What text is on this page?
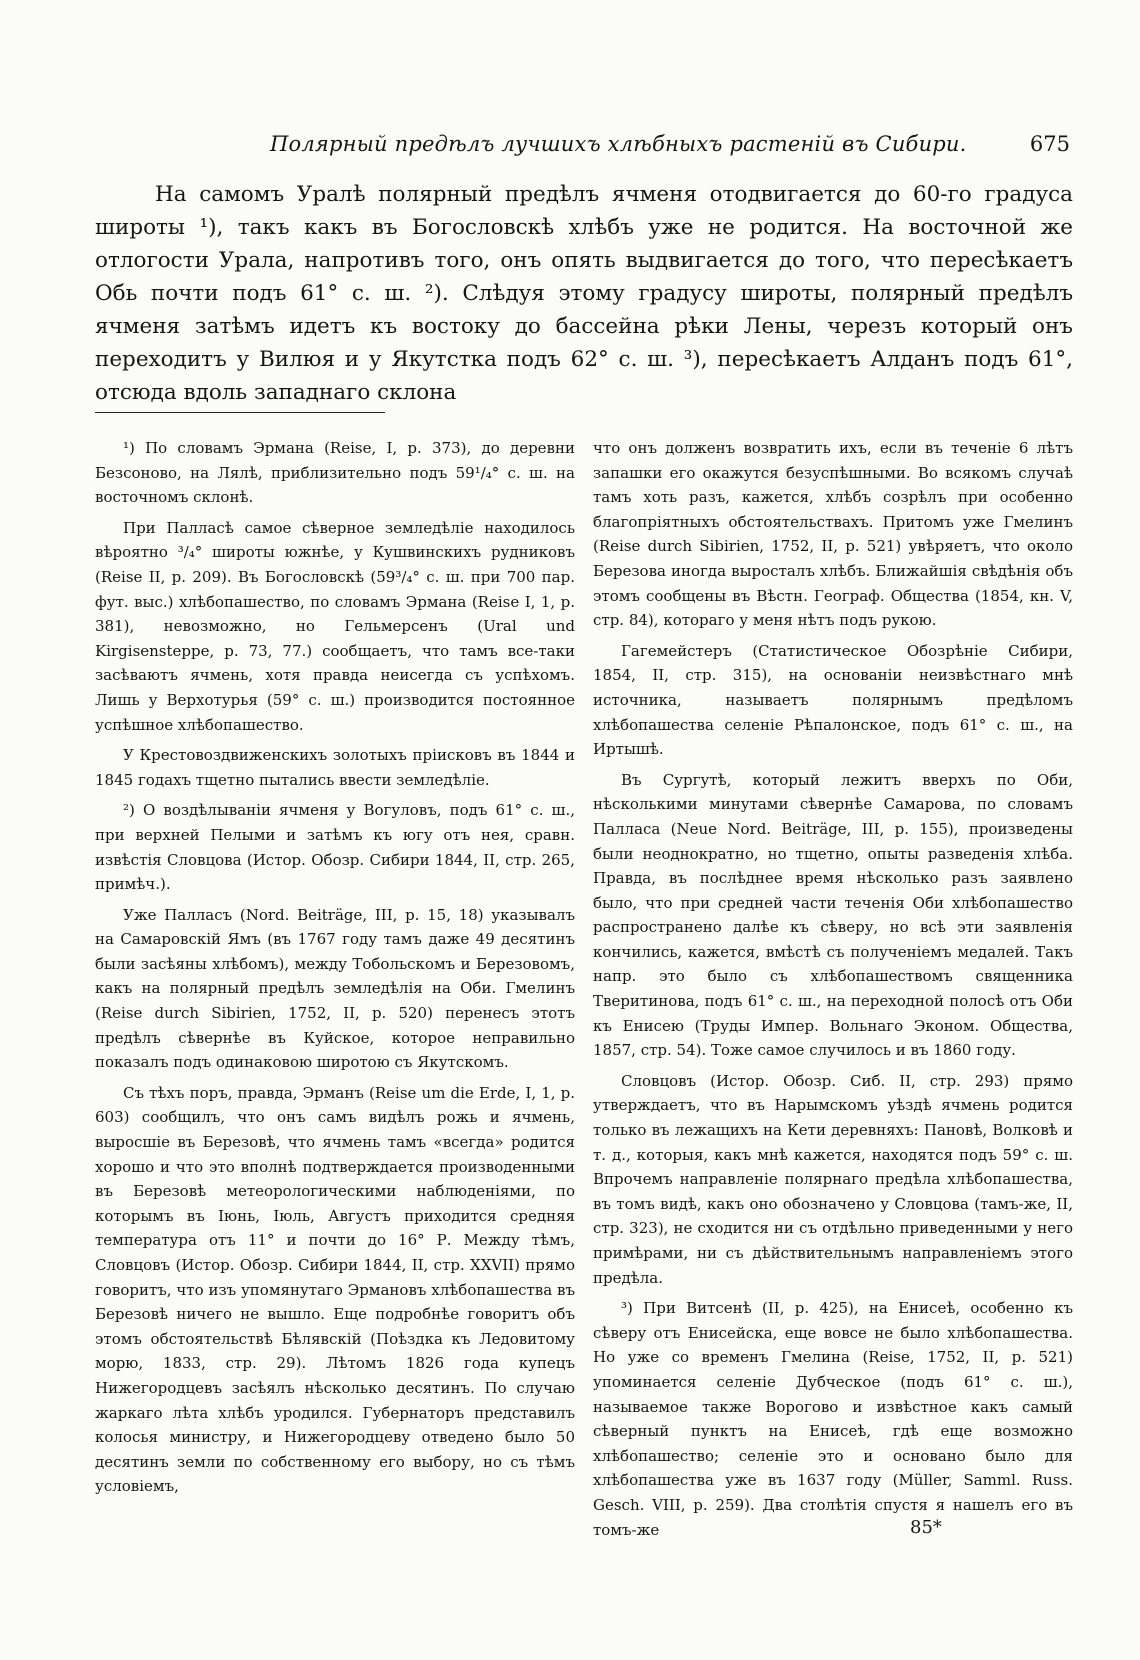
Полярный предѣлъ лучшихъ хлѣбныхъ растеній въ Сибири.	675

На самомъ Уралѣ полярный предѣлъ ячменя отодвигается до 60-го градуса широты ¹), такъ какъ въ Богословскѣ хлѣбъ уже не родится. На восточной же отлогости Урала, напротивъ того, онъ опять выдвигается до того, что пересѣкаетъ Обь почти подъ 61° с. ш. ²). Слѣдуя этому градусу широты, полярный предѣлъ ячменя затѣмъ идетъ къ востоку до бассейна рѣки Лены, черезъ который онъ переходитъ у Вилюя и у Якутстка подъ 62° с. ш. ³), пересѣкаетъ Алданъ подъ 61°, отсюда вдоль западнаго склона

¹) По словамъ Эрмана (Reise, I, p. 373), до деревни Безсоново, на Лялѣ, приблизительно подъ 59¹/₄° с. ш. на восточномъ склонѣ.

При Палласѣ самое сѣверное земледѣліе находилось вѣроятно ³/₄° широты южнѣе, у Кушвинскихъ рудниковъ (Reise II, p. 209). Въ Богословскѣ (59³/₄° с. ш. при 700 пар. фут. выс.) хлѣбопашество, по словамъ Эрмана (Reise I, 1, p. 381), невозможно, но Гельмерсенъ (Ural und Kirgisensteppe, p. 73, 77.) сообщаетъ, что тамъ все-таки засѣваютъ ячмень, хотя правда неисегда съ успѣхомъ. Лишь у Верхотурья (59° с. ш.) производится постоянное успѣшное хлѣбопашество.

У Крестовоздвиженскихъ золотыхъ пріисковъ въ 1844 и 1845 годахъ тщетно пытались ввести земледѣліе.

²) О воздѣлываніи ячменя у Вогуловъ, подъ 61° с. ш., при верхней Пелыми и затѣмъ къ югу отъ нея, сравн. извѣстія Словцова (Истор. Обозр. Сибири 1844, II, стр. 265, примѣч.).

Уже Палласъ (Nord. Beiträge, III, p. 15, 18) указывалъ на Самаровскій Ямъ (въ 1767 году тамъ даже 49 десятинъ были засѣяны хлѣбомъ), между Тобольскомъ и Березовомъ, какъ на полярный предѣлъ земледѣлія на Оби. Гмелинъ (Reise durch Sibirien, 1752, II, p. 520) перенесъ этотъ предѣлъ сѣвернѣе въ Куйское, которое неправильно показалъ подъ одинаковою широтою съ Якутскомъ.

Съ тѣхъ поръ, правда, Эрманъ (Reise um die Erde, I, 1, p. 603) сообщилъ, что онъ самъ видѣлъ рожь и ячмень, выросшіе въ Березовѣ, что ячмень тамъ «всегда» родится хорошо и что это вполнѣ подтверждается производенными въ Березовѣ метеорологическими наблюденіями, по которымъ въ Іюнь, Іюль, Августъ приходится средняя температура отъ 11° и почти до 16° Р. Между тѣмъ, Словцовъ (Истор. Обозр. Сибири 1844, II, стр. XXVII) прямо говоритъ, что изъ упомянутаго Эрмановъ хлѣбопашества въ Березовѣ ничего не вышло. Еще подробнѣе говоритъ объ этомъ обстоятельствѣ Бѣлявскій (Поѣздка къ Ледовитому морю, 1833, стр. 29). Лѣтомъ 1826 года купецъ Нижегородцевъ засѣялъ нѣсколько десятинъ. По случаю жаркаго лѣта хлѣбъ уродился. Губернаторъ представилъ колосья министру, и Нижегородцеву отведено было 50 десятинъ земли по собственному его выбору, но съ тѣмъ условіемъ,

что онъ долженъ возвратить ихъ, если въ теченіе 6 лѣтъ запашки его окажутся безуспѣшными. Во всякомъ случаѣ тамъ хоть разъ, кажется, хлѣбъ созрѣлъ при особенно благопріятныхъ обстоятельствахъ. Притомъ уже Гмелинъ (Reise durch Sibirien, 1752, II, p. 521) увѣряетъ, что около Березова иногда выросталъ хлѣбъ. Ближайшія свѣдѣнія объ этомъ сообщены въ Вѣстн. Географ. Общества (1854, кн. V, стр. 84), котораго у меня нѣтъ подъ рукою.

Гагемейстеръ (Статистическое Обозрѣніе Сибири, 1854, II, стр. 315), на основаніи неизвѣстнаго мнѣ источника, называетъ полярнымъ предѣломъ хлѣбопашества селеніе Рѣпалонское, подъ 61° с. ш., на Иртышѣ.

Въ Сургутѣ, который лежитъ вверхъ по Оби, нѣсколькими минутами сѣвернѣе Самарова, по словамъ Палласа (Neue Nord. Beiträge, III, p. 155), произведены были неоднократно, но тщетно, опыты разведенія хлѣба. Правда, въ послѣднее время нѣсколько разъ заявлено было, что при средней части теченія Оби хлѣбопашество распространено далѣе къ сѣверу, но всѣ эти заявленія кончились, кажется, вмѣстѣ съ полученіемъ медалей. Такъ напр. это было съ хлѣбопашествомъ священника Тверитинова, подъ 61° с. ш., на переходной полосѣ отъ Оби къ Енисею (Труды Импер. Вольнаго Эконом. Общества, 1857, стр. 54). Тоже самое случилось и въ 1860 году.

Словцовъ (Истор. Обозр. Сиб. II, стр. 293) прямо утверждаетъ, что въ Нарымскомъ уѣздѣ ячмень родится только въ лежащихъ на Кети деревняхъ: Пановѣ, Волковѣ и т. д., которыя, какъ мнѣ кажется, находятся подъ 59° с. ш. Впрочемъ направленіе полярнаго предѣла хлѣбопашества, въ томъ видѣ, какъ оно обозначено у Словцова (тамъ-же, II, стр. 323), не сходится ни съ отдѣльно приведенными у него примѣрами, ни съ дѣйствительнымъ направленіемъ этого предѣла.

³) При Витсенѣ (II, p. 425), на Енисеѣ, особенно къ сѣверу отъ Енисейска, еще вовсе не было хлѣбопашества. Но уже со временъ Гмелина (Reise, 1752, II, p. 521) упоминается селеніе Дубческое (подъ 61° с. ш.), называемое также Ворогово и извѣстное какъ самый сѣверный пунктъ на Енисеѣ, гдѣ еще возможно хлѣбопашество; селеніе это и основано было для хлѣбопашества уже въ 1637 году (Müller, Samml. Russ. Gesch. VIII, p. 259). Два столѣтія спустя я нашелъ его въ томъ-же	85*
